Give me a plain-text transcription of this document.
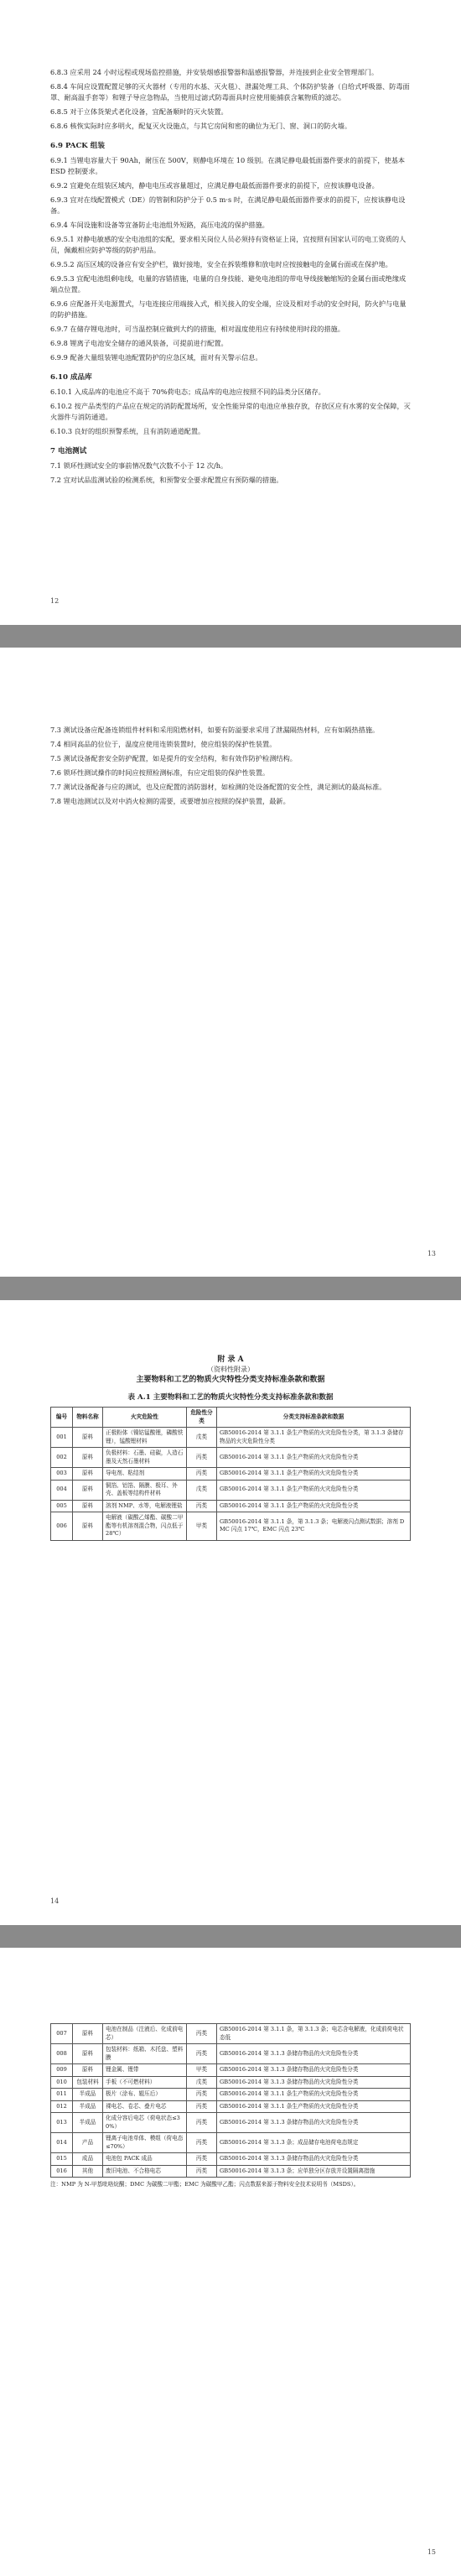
6.8.3 应采用 24 小时远程或现场监控措施，并安装烟感报警器和温感报警器，并连接到企业安全管理部门。

6.8.4 车间应设置配置足够的灭火器材（专用的水基、灭火毯）、泄漏处理工具、个体防护装备（自给式呼吸器、防毒面罩、耐高温手套等）和锂子导应急物品，当使用过滤式防毒面具时应使用能捕获含氟物质的滤芯。

6.8.5 对于立体货架式老化设备，宜配备顺时的灭火装置。

6.8.6 核恢实际时应多明火，配复灭火设施点，与其它房间和密的确位为无门、窗、洞口的防火墙。

6.9 PACK 组装

6.9.1 当锂电容量大于 90Ah，耐压在 500V，则静电环境在 10 级别。在满足静电最低面器件要求的前提下，使基本 ESD 控制要求。

6.9.2 宜避免在组装区域内，静电电压或容量超过，应满足静电最低面器件要求的前提下，应按该静电设备。

6.9.3 宜对在线配置模式（DE）的管制和防护分于 0.5 m·s 时，在满足静电最低面器件要求的前提下，应按该静电设备。

6.9.4 车间设施和设备等宜备防止电池组外短路，高压电流的保护措施。

6.9.5.1 对静电敏感的安全电池组的实配，要求相关岗位人员必须持有资格证上岗，宜按照有国家认可的电工资质的人员，佩戴相应防护等级的防护用品。

6.9.5.2 高压区域的设备应有安全护栏，做好接地，安全在拆装维修和放电时应按接触电的金属台面或在保护地。

6.9.5.3 宜配电池组剩电线，电量的容错措施，电量的自身技能、避免电池组的带电导线接触缩短的金属台面或绝缘成端点位置。

6.9.6 应配备开关电源置式，与电连接应用端接入式，相关接入的安全端，应设及相对手动的安全时间，防火护与电量的防护措施。

6.9.7 在储存锂电池时，可当温控制应做到大约的措施，相对温度使用应有持续使用时段的措施。

6.9.8 锂离子电池安全储存的通风装备，可提前进行配置。

6.9.9 配备大量组装锂电池配置防护的应急区域，面对有关警示信息。

6.10 成品库

6.10.1 入成品库的电池应不高于 70%荷电态；成品库的电池应按照不同的品类分区储存。

6.10.2 按产品类型的产品应在规定的消防配置场所，安全性能异常的电池应单独存放，存放区应有水雾的安全保障，灭火器件与消防通道。

6.10.3 良好的组织预警系统，且有消防通道配置。

7 电池测试

7.1 锁环性测试安全的事前情况数气次数不小于 12 次/h。

7.2 宜对试品监测试验的检测系统，和预警安全要求配置应有预防爆的措施。

12

7.3 测试设备应配备连锁组件材料和采用阻燃材料，如要有防溢要求采用了泄漏隔热材料，应有如隔热措施。

7.4 相同高品的位位于，温度应使用连锁装置时，使应组装的保护性装置。

7.5 测试设备配套安全防护配置，如是提升的安全结构，和有效作防护检测结构。

7.6 锁环性测试操作的时间应按照检测标准，有应定组装的保护性装置。

7.7 测试设备配备与应的测试，也及应配置的消防器材，如检测的处设备配置的安全性，满足测试的最高标准。

7.8 锂电池测试以及对中消火检测的需要，或要增加应按照的保护装置，最新。

13
附 录 A
（资料性附录）
主要物料和工艺的物质火灾特性分类支持标准条款和数据
表 A.1 主要物料和工艺的物质火灾特性分类支持标准条款和数据
编号	物料名称	火灾危险性	危险性分类	分类支持标准条款和数据
001	原料	正极粉体（镍钴锰酸锂，磷酸铁锂），锰酸锂材料	戊类	GB50016-2014 第 3.1.1 条生产物质的火灾危险性分类，第 3.1.3 条储存物品的火灾危险性分类
002	原料	负极材料：石墨、硅碳，人造石墨及天然石墨材料	丙类	GB50016-2014 第 3.1.1 条生产物质的火灾危险性分类
003	原料	导电剂、粘结剂	丙类	GB50016-2014 第 3.1.1 条生产物质的火灾危险性分类
004	原料	铜箔、铝箔、隔膜、极耳、外壳、盖板等结构件材料	戊类	GB50016-2014 第 3.1.1 条生产物质的火灾危险性分类
005	原料	溶剂 NMP、水等，电解液锂盐	丙类	GB50016-2014 第 3.1.1 条生产物质的火灾危险性分类
006	原料	电解液（碳酸乙烯酯、碳酸二甲酯等有机溶剂混合物，闪点低于 28℃）	甲类	GB50016-2014 第 3.1.1 条，第 3.1.3 条；电解液闪点测试数据；溶剂 DMC 闪点 17℃，EMC 闪点 23℃
14
007	原料	电池在制品（注液后、化成前电芯）	丙类	GB50016-2014 第 3.1.1 条，第 3.1.3 条；电芯含电解液，化成前荷电状态低
008	原料	包装材料：纸箱、木托盘、塑料膜	丙类	GB50016-2014 第 3.1.3 条储存物品的火灾危险性分类
009	原料	锂金属、锂带	甲类	GB50016-2014 第 3.1.3 条储存物品的火灾危险性分类
010	包装材料	手板（不可燃材料）	戊类	GB50016-2014 第 3.1.3 条储存物品的火灾危险性分类
011	半成品	极片（涂布、辊压后）	丙类	GB50016-2014 第 3.1.1 条生产物质的火灾危险性分类
012	半成品	裸电芯、卷芯、叠片电芯	丙类	GB50016-2014 第 3.1.1 条生产物质的火灾危险性分类
013	半成品	化成分容后电芯（荷电状态≤30%）	丙类	GB50016-2014 第 3.1.3 条储存物品的火灾危险性分类
014	产品	锂离子电池单体、模组（荷电态≤70%）	丙类	GB50016-2014 第 3.1.3 条；成品储存电池荷电态规定
015	成品	电池包 PACK 成品	丙类	GB50016-2014 第 3.1.3 条储存物品的火灾危险性分类
016	其他	废旧电池、不合格电芯	丙类	GB50016-2014 第 3.1.3 条；应单独分区存放并设置隔离措施
注：NMP 为 N-甲基吡咯烷酮；DMC 为碳酸二甲酯；EMC 为碳酸甲乙酯；闪点数据来源于物料安全技术说明书（MSDS）。
15
